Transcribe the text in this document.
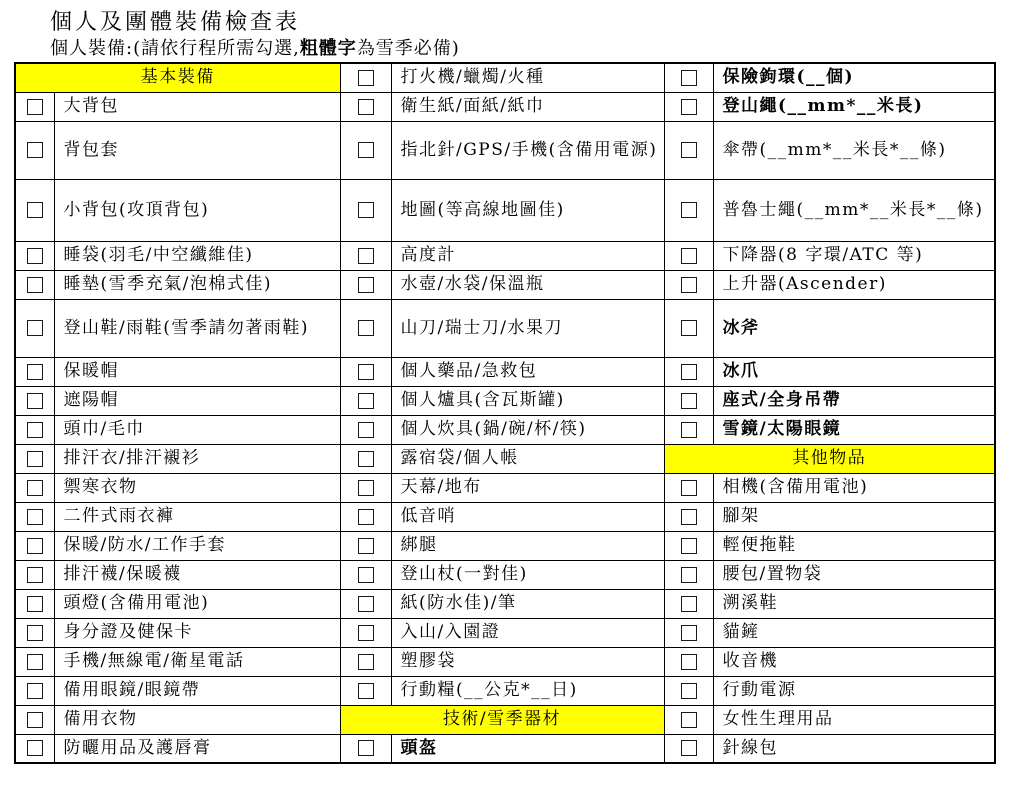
個人及團體裝備檢查表
個人裝備:(請依行程所需勾選,粗體字為雪季必備)
基本裝備			打火機/蠟燭/火種		保險鉤環(__個)
	大背包		衛生紙/面紙/紙巾		登山繩(__mm*__米長)
	背包套		指北針/GPS/手機(含備用電源)		傘帶(__mm*__米長*__條)
	小背包(攻頂背包)		地圖(等高線地圖佳)		普魯士繩(__mm*__米長*__條)
	睡袋(羽毛/中空纖維佳)		高度計		下降器(8 字環/ATC 等)
	睡墊(雪季充氣/泡棉式佳)		水壺/水袋/保溫瓶		上升器(Ascender)
	登山鞋/雨鞋(雪季請勿著雨鞋)		山刀/瑞士刀/水果刀		冰斧
	保暖帽		個人藥品/急救包		冰爪
	遮陽帽		個人爐具(含瓦斯罐)		座式/全身吊帶
	頭巾/毛巾		個人炊具(鍋/碗/杯/筷)		雪鏡/太陽眼鏡
	排汗衣/排汗襯衫		露宿袋/個人帳	其他物品	
	禦寒衣物		天幕/地布		相機(含備用電池)
	二件式雨衣褲		低音哨		腳架
	保暖/防水/工作手套		綁腿		輕便拖鞋
	排汗襪/保暖襪		登山杖(一對佳)		腰包/置物袋
	頭燈(含備用電池)		紙(防水佳)/筆		溯溪鞋
	身分證及健保卡		入山/入園證		貓鏟
	手機/無線電/衛星電話		塑膠袋		收音機
	備用眼鏡/眼鏡帶		行動糧(__公克*__日)		行動電源
	備用衣物	技術/雪季器材			女性生理用品
	防曬用品及護唇膏		頭盔		針線包
